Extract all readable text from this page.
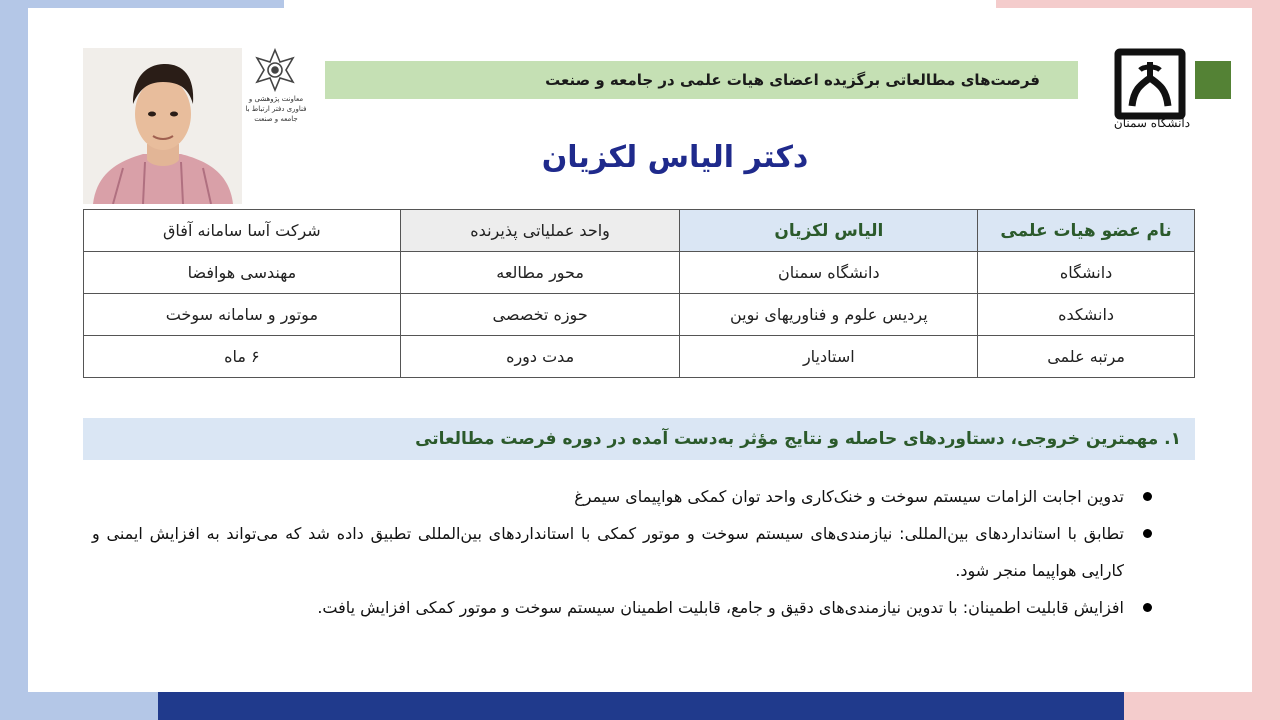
فرصت‌های مطالعاتی برگزیده اعضای هیات علمی در جامعه و صنعت
دانشگاه سمنان
معاونت پژوهشی و فناوری دفتر ارتباط با جامعه و صنعت
دکتر الیاس لکزیان
نام عضو هیات علمی	الیاس لکزیان	واحد عملیاتی پذیرنده	شرکت آسا سامانه آفاق
دانشگاه	دانشگاه سمنان	محور مطالعه	مهندسی هوافضا
دانشکده	پردیس علوم و فناوریهای نوین	حوزه تخصصی	موتور و سامانه سوخت
مرتبه علمی	استادیار	مدت دوره	۶ ماه
۱. مهمترین خروجی، دستاوردهای حاصله و نتایج مؤثر به‌دست آمده در دوره فرصت مطالعاتی
تدوین اجابت الزامات سیستم سوخت و خنک‌کاری واحد توان کمکی هواپیمای سیمرغ
تطابق با استانداردهای بین‌المللی: نیازمندی‌های سیستم سوخت و موتور کمکی با استانداردهای بین‌المللی تطبیق داده شد که می‌تواند به افزایش ایمنی و کارایی هواپیما منجر شود.
افزایش قابلیت اطمینان: با تدوین نیازمندی‌های دقیق و جامع، قابلیت اطمینان سیستم سوخت و موتور کمکی افزایش یافت.
